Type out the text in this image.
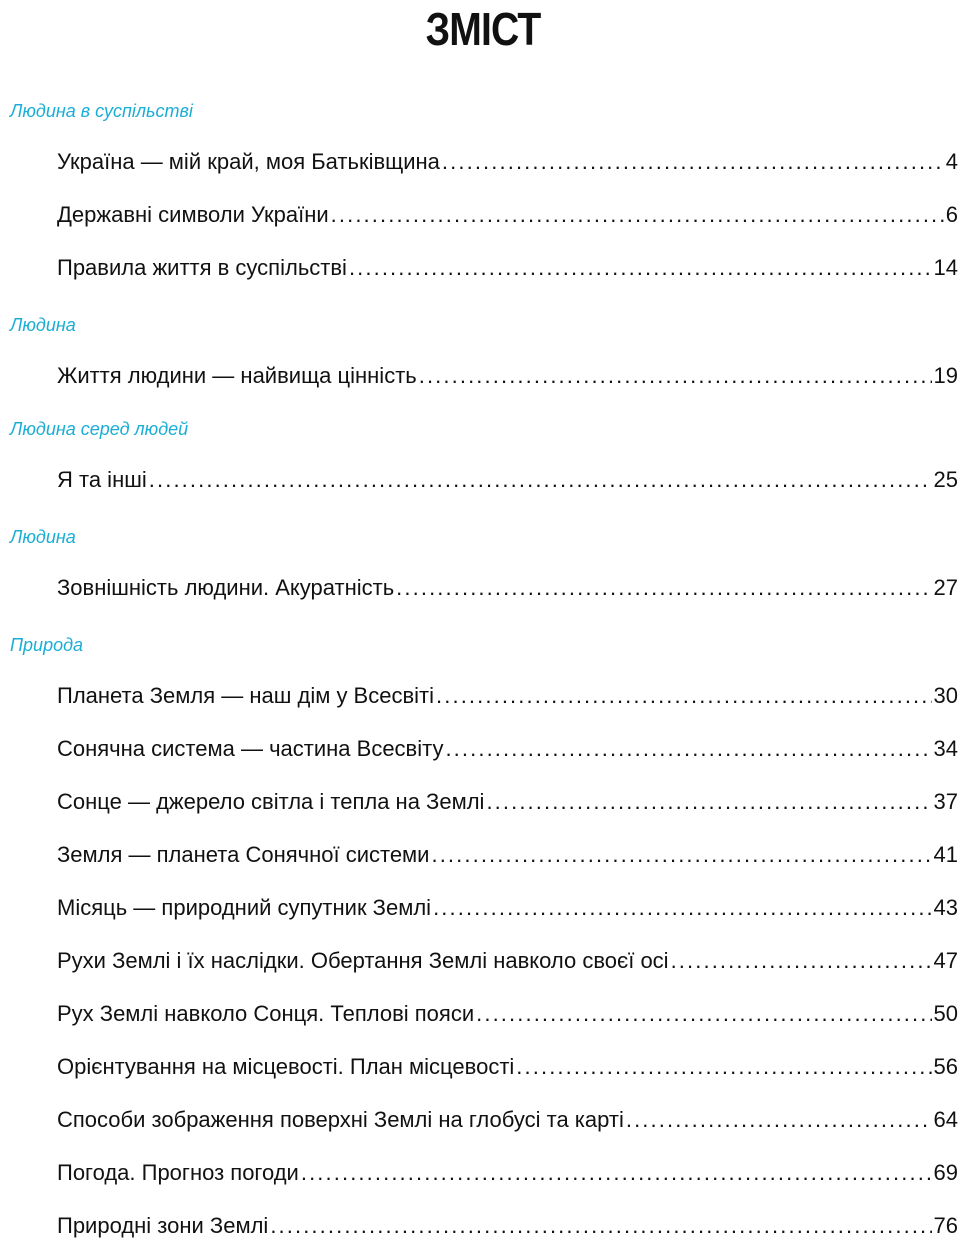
ЗМІСТ
Людина в суспільстві
Україна — мій край, моя Батьківщина . . .	4
Державні символи України . . .	6
Правила життя в суспільстві . . .	14
Людина
Життя людини — найвища цінність . . .	19
Людина серед людей
Я та інші . . .	25
Людина
Зовнішність людини. Акуратність . . .	27
Природа
Планета Земля — наш дім у Всесвіті . . .	30
Сонячна система — частина Всесвіту . . .	34
Сонце — джерело світла і тепла на Землі . . .	37
Земля — планета Сонячної системи . . .	41
Місяць — природний супутник Землі . . .	43
Рухи Землі і їх наслідки. Обертання Землі навколо своєї осі . . .	47
Рух Землі навколо Сонця. Теплові пояси . . .	50
Орієнтування на місцевості. План місцевості . . .	56
Способи зображення поверхні Землі на глобусі та карті . . .	64
Погода. Прогноз погоди . . .	69
Природні зони Землі . . .	76
